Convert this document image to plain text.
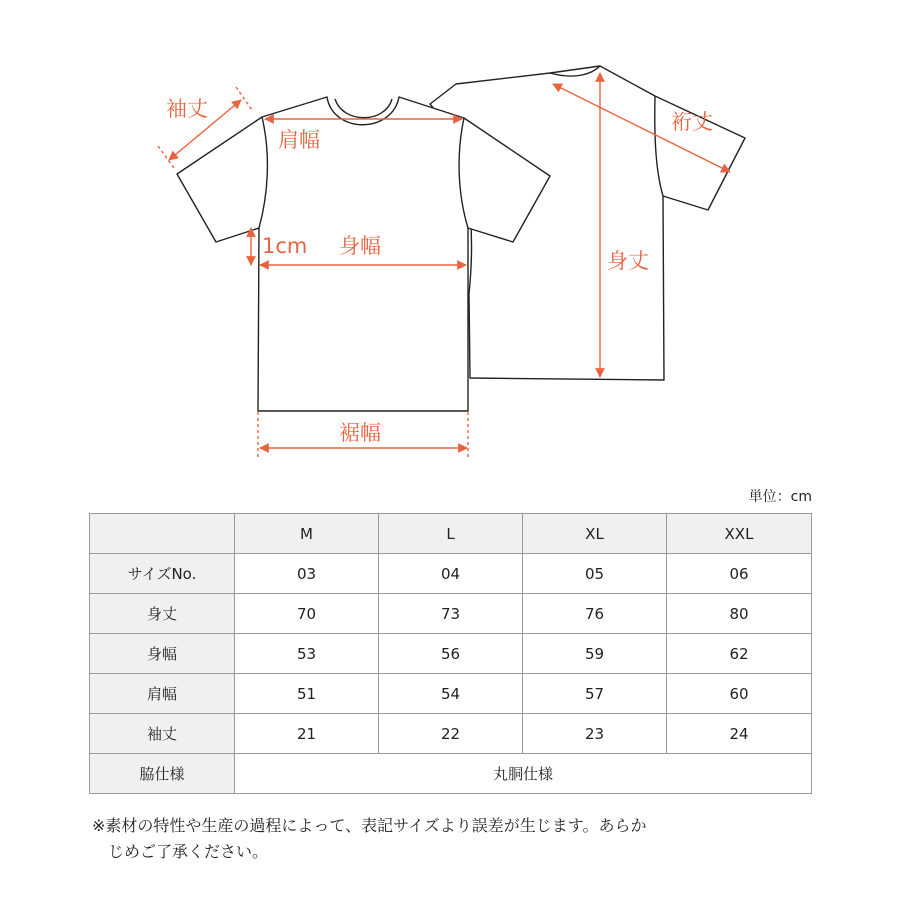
袖丈
肩幅
1cm 身幅
裾幅
裄丈
身丈
単位：cm
	M	L	XL	XXL
サイズNo.	03	04	05	06
身丈	70	73	76	80
身幅	53	56	59	62
肩幅	51	54	57	60
袖丈	21	22	23	24
脇仕様	丸胴仕様			
※素材の特性や生産の過程によって、表記サイズより誤差が生じます。あらか
じめご了承ください。
